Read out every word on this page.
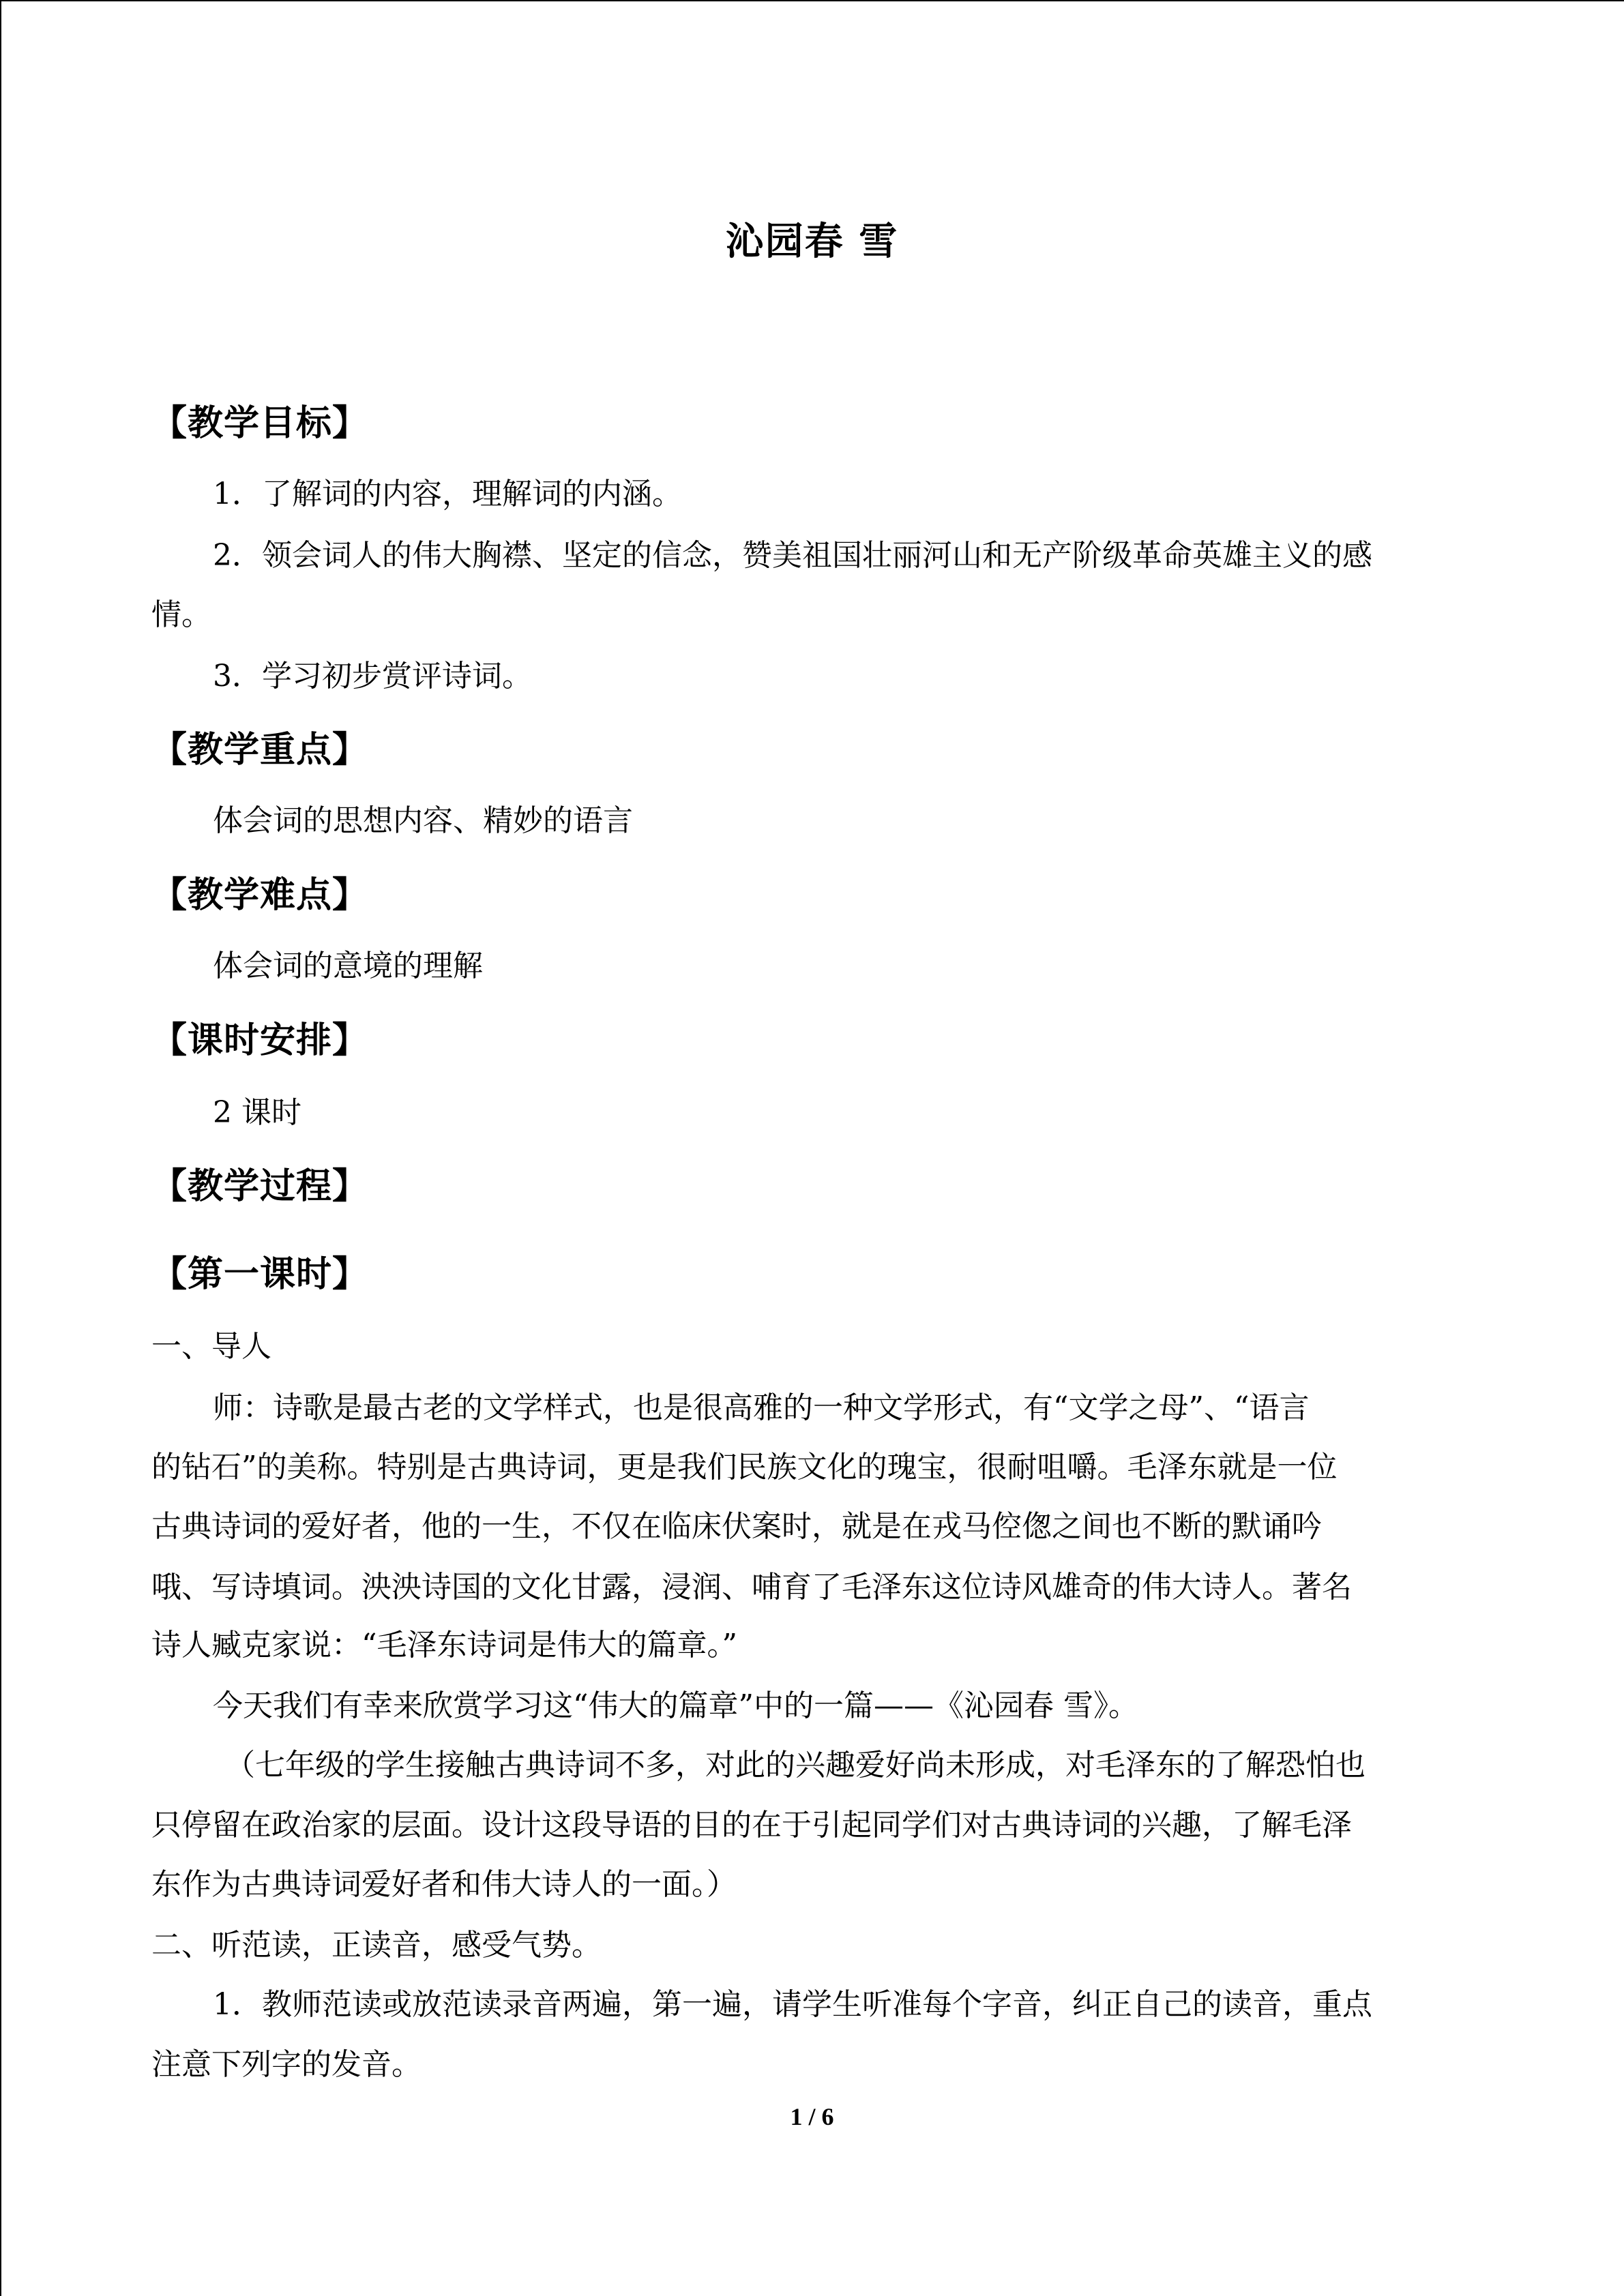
沁园春 雪
【教学目标】
1．了解词的内容，理解词的内涵。
2．领会词人的伟大胸襟、坚定的信念，赞美祖国壮丽河山和无产阶级革命英雄主义的感
情。
3．学习初步赏评诗词。
【教学重点】
体会词的思想内容、精妙的语言
【教学难点】
体会词的意境的理解
【课时安排】
2 课时
【教学过程】
【第一课时】
一、导人
师：诗歌是最古老的文学样式，也是很高雅的一种文学形式，有“文学之母”、“语言
的钻石”的美称。特别是古典诗词，更是我们民族文化的瑰宝，很耐咀嚼。毛泽东就是一位
古典诗词的爱好者，他的一生，不仅在临床伏案时，就是在戎马倥偬之间也不断的默诵吟
哦、写诗填词。泱泱诗国的文化甘露，浸润、哺育了毛泽东这位诗风雄奇的伟大诗人。著名
诗人臧克家说：“毛泽东诗词是伟大的篇章。”
今天我们有幸来欣赏学习这“伟大的篇章”中的一篇——《沁园春 雪》。
（七年级的学生接触古典诗词不多，对此的兴趣爱好尚未形成，对毛泽东的了解恐怕也
只停留在政治家的层面。设计这段导语的目的在于引起同学们对古典诗词的兴趣，了解毛泽
东作为古典诗词爱好者和伟大诗人的一面。）
二、听范读，正读音，感受气势。
1．教师范读或放范读录音两遍，第一遍，请学生听准每个字音，纠正自己的读音，重点
注意下列字的发音。
1 / 6
